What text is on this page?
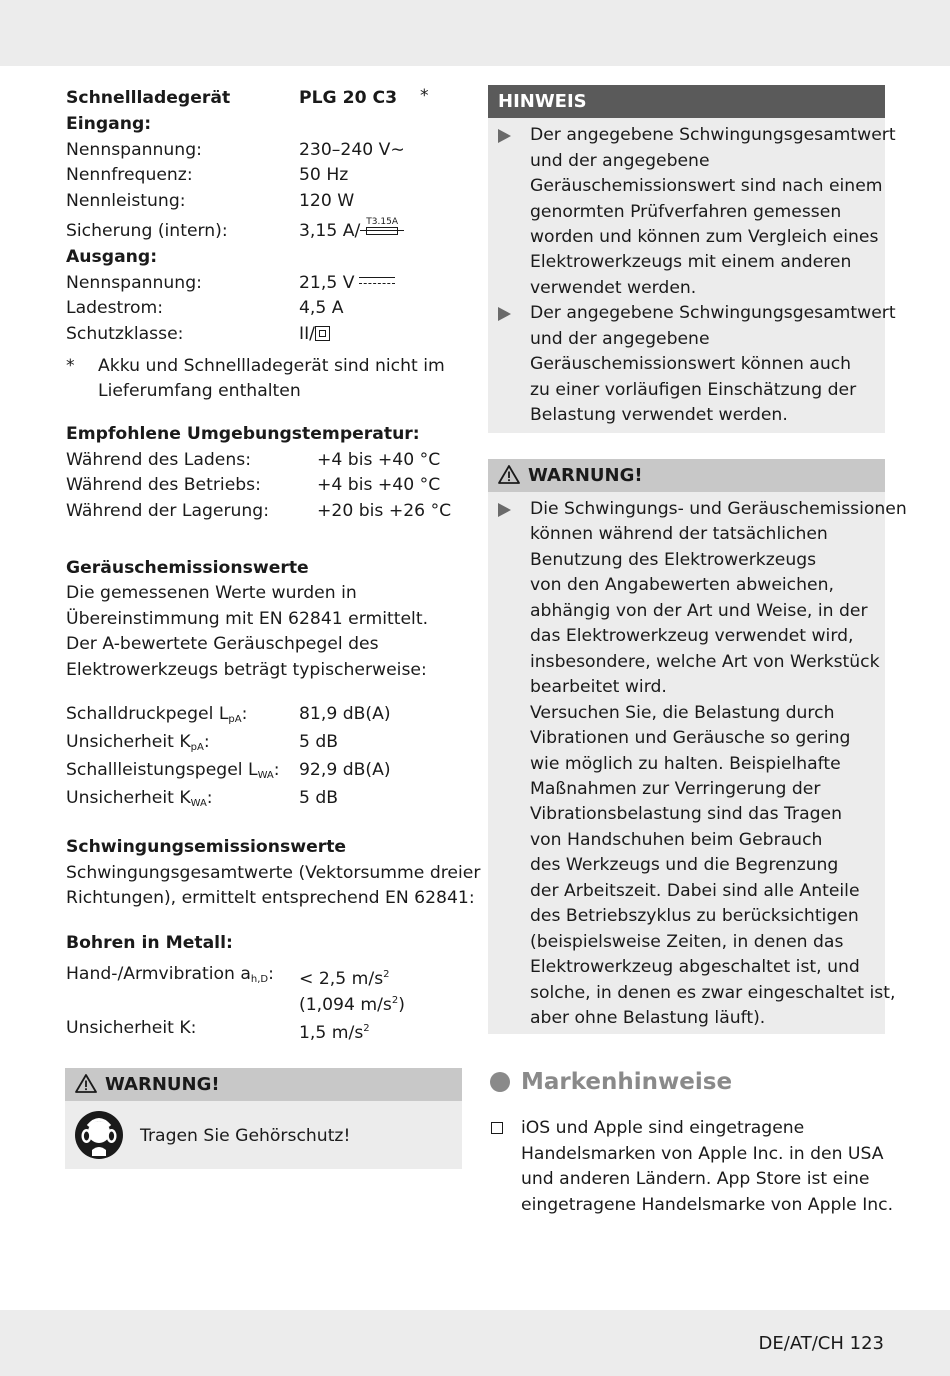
DE/AT/CH 123
Schnellladegerät	PLG 20 C3 *
Eingang:
Nennspannung:	230–240 V∼
Nennfrequenz:	50 Hz
Nennleistung:	120 W
Sicherung (intern):	3,15 A/ T3.15A
Ausgang:
Nennspannung:	21,5 V
Ladestrom:	4,5 A
Schutzklasse:	II/
* Akku und Schnellladegerät sind nicht im
Lieferumfang enthalten
Empfohlene Umgebungstemperatur:
Während des Ladens:	+4 bis +40 °C
Während des Betriebs:	+4 bis +40 °C
Während der Lagerung:	+20 bis +26 °C
Geräuschemissionswerte
Die gemessenen Werte wurden in
Übereinstimmung mit EN 62841 ermittelt.
Der A-bewertete Geräuschpegel des
Elektrowerkzeugs beträgt typischerweise:
Schalldruckpegel $L_{pA}$:	81,9 dB(A)
Unsicherheit $K_{pA}$:	5 dB
Schallleistungspegel $L_{WA}$: 92,9 dB(A)
Unsicherheit $K_{WA}$:	5 dB
Schwingungsemissionswerte
Schwingungsgesamtwerte (Vektorsumme dreier
Richtungen), ermittelt entsprechend EN 62841:
Bohren in Metall:
Hand-/Armvibration $a_{h,D}$: < 2,5 $m/s^2$
(1,094 $m/s^2$)
Unsicherheit K:	1,5 $m/s^2$
WARNUNG!
Tragen Sie Gehörschutz!
HINWEIS
Der angegebene Schwingungsgesamtwert
und der angegebene
Geräuschemissionswert sind nach einem
genormten Prüfverfahren gemessen
worden und können zum Vergleich eines
Elektrowerkzeugs mit einem anderen
verwendet werden.
Der angegebene Schwingungsgesamtwert
und der angegebene
Geräuschemissionswert können auch
zu einer vorläufigen Einschätzung der
Belastung verwendet werden.
WARNUNG!
Die Schwingungs- und Geräuschemissionen
können während der tatsächlichen
Benutzung des Elektrowerkzeugs
von den Angabewerten abweichen,
abhängig von der Art und Weise, in der
das Elektrowerkzeug verwendet wird,
insbesondere, welche Art von Werkstück
bearbeitet wird.
Versuchen Sie, die Belastung durch
Vibrationen und Geräusche so gering
wie möglich zu halten. Beispielhafte
Maßnahmen zur Verringerung der
Vibrationsbelastung sind das Tragen
von Handschuhen beim Gebrauch
des Werkzeugs und die Begrenzung
der Arbeitszeit. Dabei sind alle Anteile
des Betriebszyklus zu berücksichtigen
(beispielsweise Zeiten, in denen das
Elektrowerkzeug abgeschaltet ist, und
solche, in denen es zwar eingeschaltet ist,
aber ohne Belastung läuft).
Markenhinweise
iOS und Apple sind eingetragene
Handelsmarken von Apple Inc. in den USA
und anderen Ländern. App Store ist eine
eingetragene Handelsmarke von Apple Inc.
